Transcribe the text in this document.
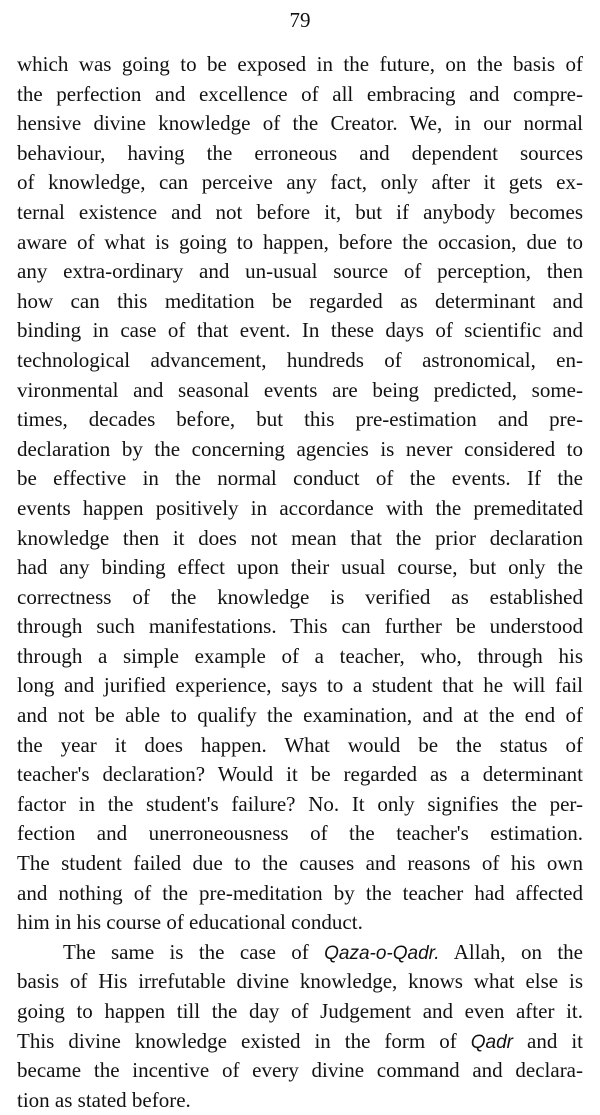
79
which was going to be exposed in the future, on the basis of
the perfection and excellence of all embracing and compre-
hensive divine knowledge of the Creator. We, in our normal
behaviour, having the erroneous and dependent sources
of knowledge, can perceive any fact, only after it gets ex-
ternal existence and not before it, but if anybody becomes
aware of what is going to happen, before the occasion, due to
any extra-ordinary and un-usual source of perception, then
how can this meditation be regarded as determinant and
binding in case of that event. In these days of scientific and
technological advancement, hundreds of astronomical, en-
vironmental and seasonal events are being predicted, some-
times, decades before, but this pre-estimation and pre-
declaration by the concerning agencies is never considered to
be effective in the normal conduct of the events. If the
events happen positively in accordance with the premeditated
knowledge then it does not mean that the prior declaration
had any binding effect upon their usual course, but only the
correctness of the knowledge is verified as established
through such manifestations. This can further be understood
through a simple example of a teacher, who, through his
long and jurified experience, says to a student that he will fail
and not be able to qualify the examination, and at the end of
the year it does happen. What would be the status of
teacher's declaration? Would it be regarded as a determinant
factor in the student's failure? No. It only signifies the per-
fection and unerroneousness of the teacher's estimation.
The student failed due to the causes and reasons of his own
and nothing of the pre-meditation by the teacher had affected
him in his course of educational conduct.
The same is the case of Qaza-o-Qadr. Allah, on the
basis of His irrefutable divine knowledge, knows what else is
going to happen till the day of Judgement and even after it.
This divine knowledge existed in the form of Qadr and it
became the incentive of every divine command and declara-
tion as stated before.
